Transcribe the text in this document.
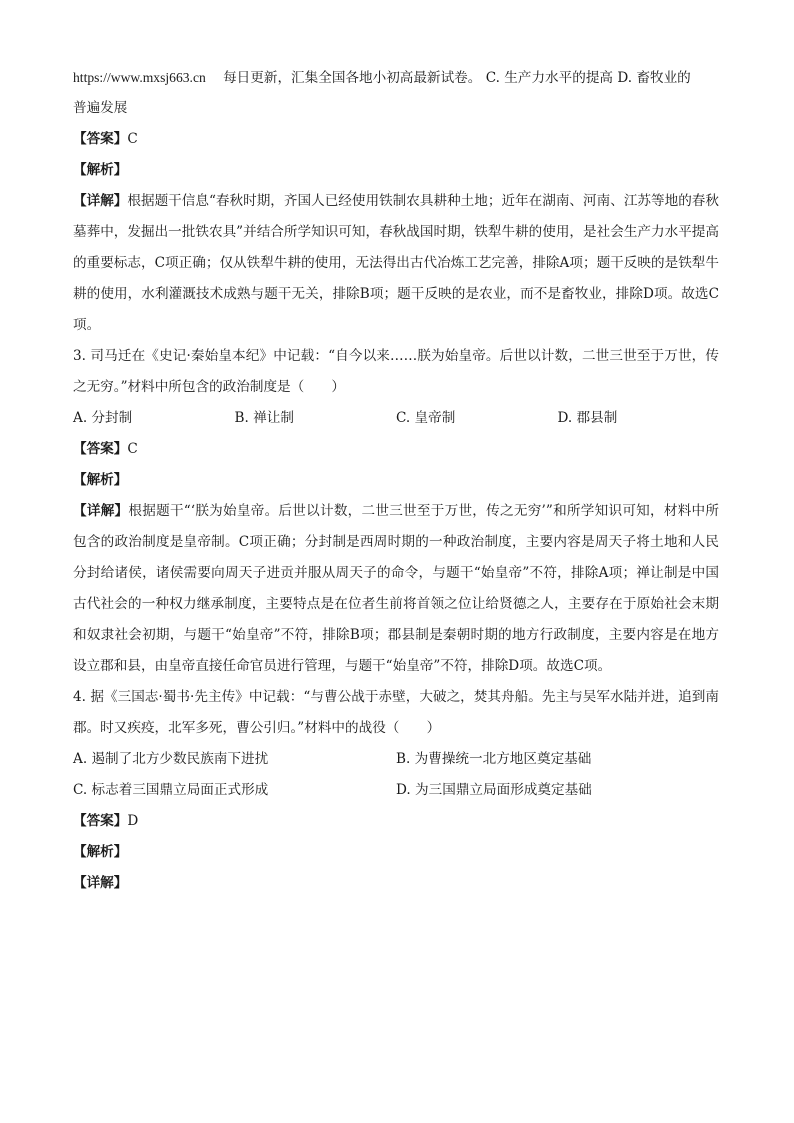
https://www.mxsj663.cn 每日更新，汇集全国各地小初高最新试卷。 C. 生产力水平的提高 D. 畜牧业的
普遍发展
【答案】C
【解析】
【详解】根据题干信息“春秋时期，齐国人已经使用铁制农具耕种土地；近年在湖南、河南、江苏等地的春秋墓葬中，发掘出一批铁农具”并结合所学知识可知，春秋战国时期，铁犁牛耕的使用，是社会生产力水平提高的重要标志，C项正确；仅从铁犁牛耕的使用，无法得出古代冶炼工艺完善，排除A项；题干反映的是铁犁牛耕的使用，水利灌溉技术成熟与题干无关，排除B项；题干反映的是农业，而不是畜牧业，排除D项。故选C项。
3. 司马迁在《史记·秦始皇本纪》中记载：“自今以来……朕为始皇帝。后世以计数，二世三世至于万世，传之无穷。”材料中所包含的政治制度是（　　）
A. 分封制	B. 禅让制	C. 皇帝制	D. 郡县制
【答案】C
【解析】
【详解】根据题干“‘朕为始皇帝。后世以计数，二世三世至于万世，传之无穷’”和所学知识可知，材料中所包含的政治制度是皇帝制。C项正确；分封制是西周时期的一种政治制度，主要内容是周天子将土地和人民分封给诸侯，诸侯需要向周天子进贡并服从周天子的命令，与题干“始皇帝”不符，排除A项；禅让制是中国古代社会的一种权力继承制度，主要特点是在位者生前将首领之位让给贤德之人，主要存在于原始社会末期和奴隶社会初期，与题干“始皇帝”不符，排除B项；郡县制是秦朝时期的地方行政制度，主要内容是在地方设立郡和县，由皇帝直接任命官员进行管理，与题干“始皇帝”不符，排除D项。故选C项。
4. 据《三国志·蜀书·先主传》中记载：“与曹公战于赤壁，大破之，焚其舟船。先主与吴军水陆并进，追到南郡。时又疾疫，北军多死，曹公引归。”材料中的战役（　　）
A. 遏制了北方少数民族南下进扰	B. 为曹操统一北方地区奠定基础
C. 标志着三国鼎立局面正式形成	D. 为三国鼎立局面形成奠定基础
【答案】D
【解析】
【详解】
